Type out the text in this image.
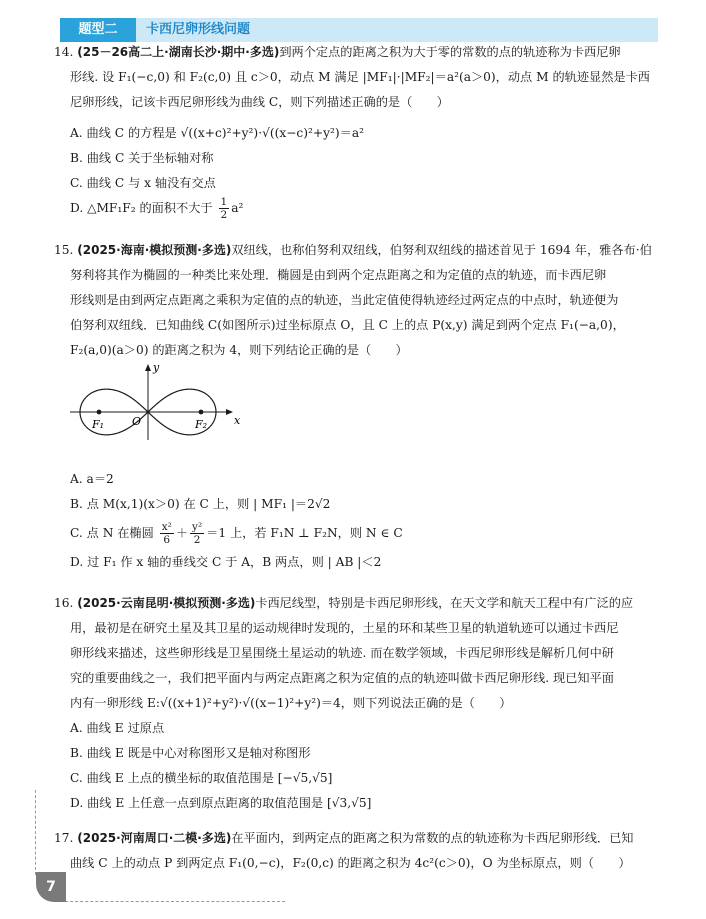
题型二	卡西尼卵形线问题
14. (25－26高二上·湖南长沙·期中·多选)到两个定点的距离之积为大于零的常数的点的轨迹称为卡西尼卵
形线. 设 F₁(−c,0) 和 F₂(c,0) 且 c＞0，动点 M 满足 |MF₁|·|MF₂|＝a²(a＞0)，动点 M 的轨迹显然是卡西
尼卵形线，记该卡西尼卵形线为曲线 C，则下列描述正确的是（　　）
A. 曲线 C 的方程是 √((x+c)²+y²)·√((x−c)²+y²)＝a²
B. 曲线 C 关于坐标轴对称
C. 曲线 C 与 x 轴没有交点
D. △MF₁F₂ 的面积不大于 $\frac{1}{2} a^2$
15. (2025·海南·模拟预测·多选)双纽线，也称伯努利双纽线，伯努利双纽线的描述首见于 1694 年，雅各布·伯
努利将其作为椭圆的一种类比来处理．椭圆是由到两个定点距离之和为定值的点的轨迹，而卡西尼卵
形线则是由到两定点距离之乘积为定值的点的轨迹，当此定值使得轨迹经过两定点的中点时，轨迹便为
伯努利双纽线．已知曲线 C(如图所示)过坐标原点 O，且 C 上的点 P(x,y) 满足到两个定点 F₁(−a,0)，
F₂(a,0)(a＞0) 的距离之积为 4，则下列结论正确的是（　　）
y
x
O
F₁	F₂
A. a＝2
B. 点 M(x,1)(x＞0) 在 C 上，则 | MF₁ |＝2√2
C. 点 N 在椭圆 $\frac{\text{x²}}{6} + \frac{\text{y²}}{2} =1$ 上，若 F₁N ⊥ F₂N，则 N ∈ C
D. 过 F₁ 作 x 轴的垂线交 C 于 A，B 两点，则 | AB |＜2
16. (2025·云南昆明·模拟预测·多选)卡西尼线型，特别是卡西尼卵形线，在天文学和航天工程中有广泛的应
用，最初是在研究土星及其卫星的运动规律时发现的，土星的环和某些卫星的轨道轨迹可以通过卡西尼
卵形线来描述，这些卵形线是卫星围绕土星运动的轨迹. 而在数学领域，卡西尼卵形线是解析几何中研
究的重要曲线之一，我们把平面内与两定点距离之积为定值的点的轨迹叫做卡西尼卵形线. 现已知平面
内有一卵形线 E:√((x+1)²+y²)·√((x−1)²+y²)＝4，则下列说法正确的是（　　）
A. 曲线 E 过原点
B. 曲线 E 既是中心对称图形又是轴对称图形
C. 曲线 E 上点的横坐标的取值范围是 [−√5,√5]
D. 曲线 E 上任意一点到原点距离的取值范围是 [√3,√5]
17. (2025·河南周口·二模·多选)在平面内，到两定点的距离之积为常数的点的轨迹称为卡西尼卵形线．已知
曲线 C 上的动点 P 到两定点 F₁(0,−c)，F₂(0,c) 的距离之积为 4c²(c＞0)，O 为坐标原点，则（　　）
7
